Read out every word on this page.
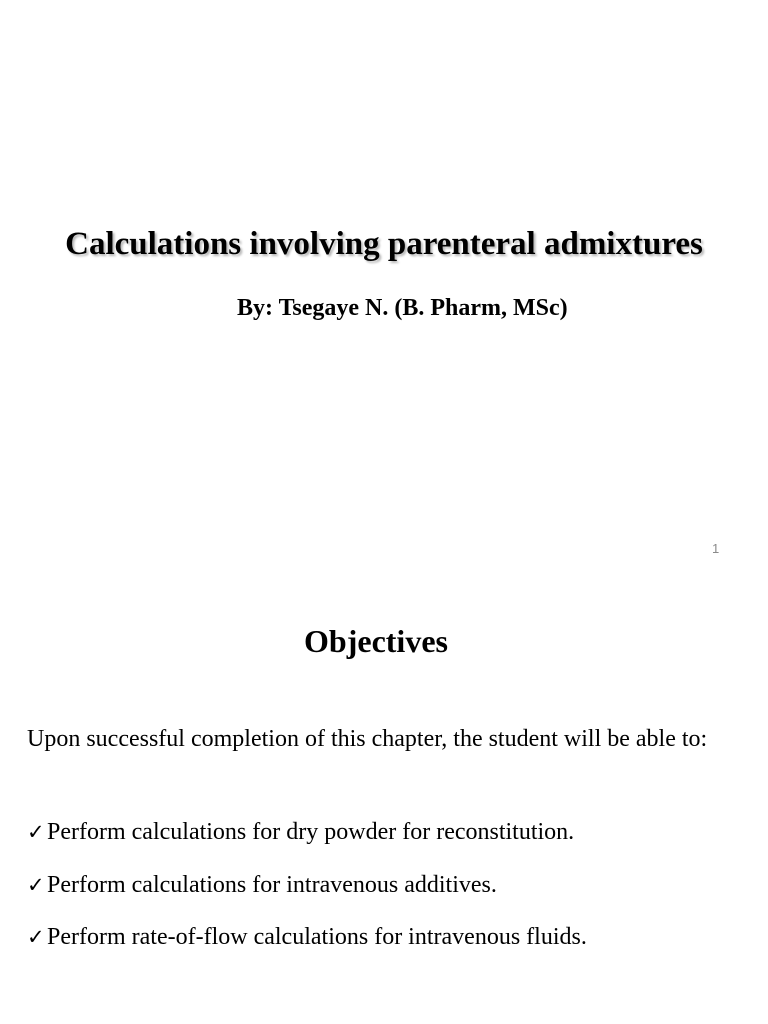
Calculations involving parenteral admixtures
By: Tsegaye N. (B. Pharm, MSc)
1
Objectives
Upon successful completion of this chapter, the student will be able to:
✓Perform calculations for dry powder for reconstitution.
✓Perform calculations for intravenous additives.
✓Perform rate-of-flow calculations for intravenous fluids.
